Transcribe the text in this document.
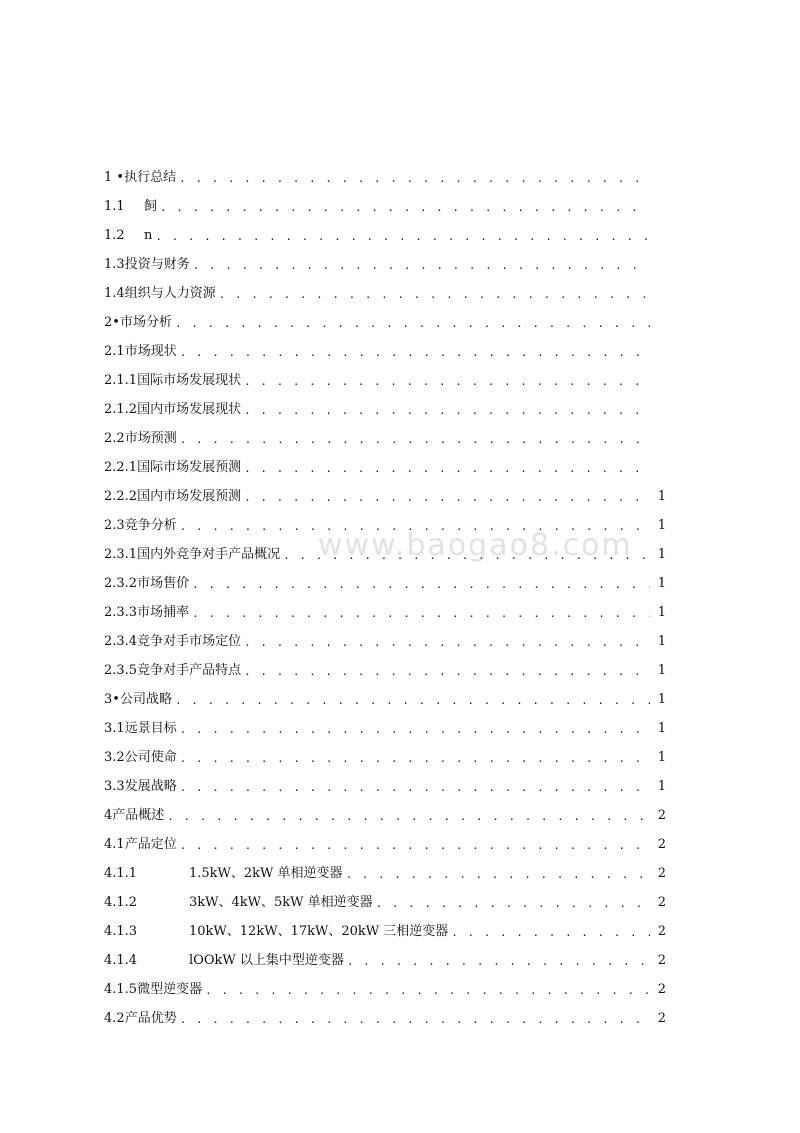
1 • 执行总结
. . .
1.1	飼
. . .
1.2	n
. . .
1.3 投资与财务
. . .
1.4 组织与人力资源
. . .
2• 市场分析
. . .
2.1 市场现状
. . .
2.1.1 国际市场发展现状
. . .
2.1.2 国内市场发展现状
. . .
2.2 市场预测
. . .
2.2.1 国际市场发展预测
. . .
2.2.2 国内市场发展预测 . . .	1
2.3 竞争分析 . . .	1
2.3.1 国内外竞争对手产品概况 . . .	1
2.3.2 市场售价 . . .	1
2.3.3 市场捕率 . . .	1
2.3.4 竞争对手市场定位 . . .	1
2.3.5 竞争对手产品特点 . . .	1
3• 公司战略 . . .	1
3.1 远景目标 . . .	1
3.2 公司使命 . . .	1
3.3 发展战略 . . .	1
4 产品概述 . . .	2
4.1 产品定位 . . .	2
4.1.1	1.5kW、2kW 单相逆变器 . . .	2
4.1.2	3kW、4kW、5kW 单相逆变器 . . .	2
4.1.3	10kW、12kW、17kW、20kW 三相逆变器 . . .	2
4.1.4	lOOkW 以上集中型逆变器 . . .	2
4.1.5 微型逆变器 . . .	2
4.2 产品优势 . . .	2
www.baogao8.com
